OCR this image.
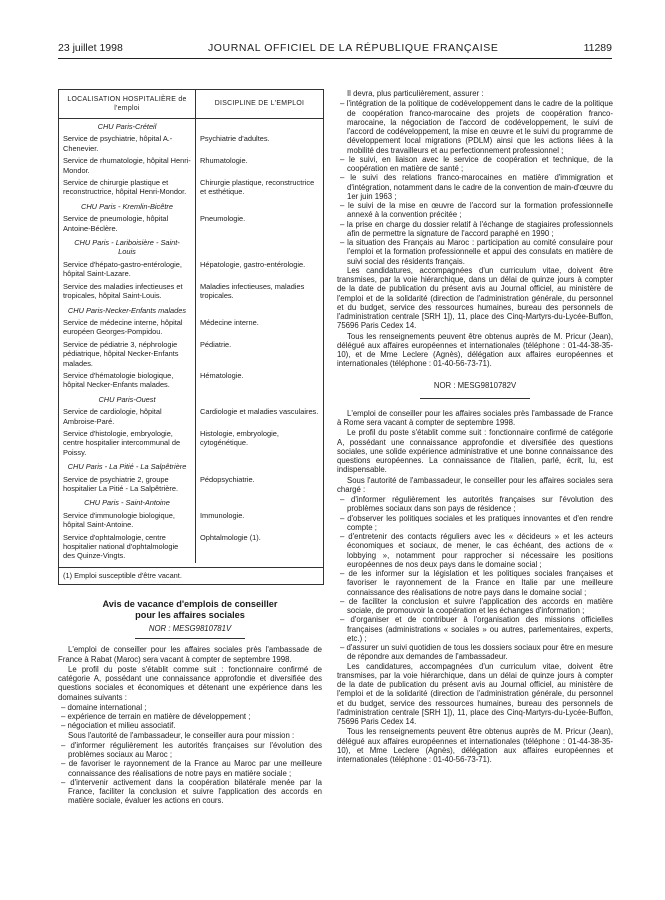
23 juillet 1998	JOURNAL OFFICIEL DE LA RÉPUBLIQUE FRANÇAISE	11289
LOCALISATION HOSPITALIÈRE de l'emploi
DISCIPLINE DE L'EMPLOI
CHU Paris-Créteil
Service de psychiatrie, hôpital A.-Chenevier.
Psychiatrie d'adultes.
Service de rhumatologie, hôpital Henri-Mondor.
Rhumatologie.
Service de chirurgie plastique et reconstructrice, hôpital Henri-Mondor.
Chirurgie plastique, reconstructrice et esthétique.
CHU Paris - Kremlin-Bicêtre
Service de pneumologie, hôpital Antoine-Béclère.
Pneumologie.
CHU Paris - Lariboisière - Saint-Louis
Service d'hépato-gastro-entérologie, hôpital Saint-Lazare.
Hépatologie, gastro-entérologie.
Service des maladies infectieuses et tropicales, hôpital Saint-Louis.
Maladies infectieuses, maladies tropicales.
CHU Paris-Necker-Enfants malades
Service de médecine interne, hôpital européen Georges-Pompidou.
Médecine interne.
Service de pédiatrie 3, néphrologie pédiatrique, hôpital Necker-Enfants malades.
Pédiatrie.
Service d'hématologie biologique, hôpital Necker-Enfants malades.
Hématologie.
CHU Paris-Ouest
Service de cardiologie, hôpital Ambroise-Paré.
Cardiologie et maladies vasculaires.
Service d'histologie, embryologie, centre hospitalier intercommunal de Poissy.
Histologie, embryologie, cytogénétique.
CHU Paris - La Pitié - La Salpêtrière
Service de psychiatrie 2, groupe hospitalier La Pitié - La Salpêtrière.
Pédopsychiatrie.
CHU Paris - Saint-Antoine
Service d'immunologie biologique, hôpital Saint-Antoine.
Immunologie.
Service d'ophtalmologie, centre hospitalier national d'ophtalmologie des Quinze-Vingts.
Ophtalmologie (1).
(1) Emploi susceptible d'être vacant.
Avis de vacance d'emplois de conseiller
pour les affaires sociales
NOR : MESG9810781V

L'emploi de conseiller pour les affaires sociales près l'ambassade de France à Rabat (Maroc) sera vacant à compter de septembre 1998.

Le profil du poste s'établit comme suit : fonctionnaire confirmé de catégorie A, possédant une connaissance approfondie et diversifiée des questions sociales et économiques et détenant une expérience dans les domaines suivants :

– domaine international ;
– expérience de terrain en matière de développement ;
– négociation et milieu associatif.

Sous l'autorité de l'ambassadeur, le conseiller aura pour mission :

– d'informer régulièrement les autorités françaises sur l'évolution des problèmes sociaux au Maroc ;
– de favoriser le rayonnement de la France au Maroc par une meilleure connaissance des réalisations de notre pays en matière sociale ;
– d'intervenir activement dans la coopération bilatérale menée par la France, faciliter la conclusion et suivre l'application des accords en matière sociale, évaluer les actions en cours.

Il devra, plus particulièrement, assurer :

– l'intégration de la politique de codéveloppement dans le cadre de la politique de coopération franco-marocaine des projets de coopération franco-marocaine, la négociation de l'accord de codéveloppement, le suivi de l'accord de codéveloppement, la mise en œuvre et le suivi du programme de développement local migrations (PDLM) ainsi que les actions liées à la mobilité des travailleurs et au perfectionnement professionnel ;
– le suivi, en liaison avec le service de coopération et technique, de la coopération en matière de santé ;
– le suivi des relations franco-marocaines en matière d'immigration et d'intégration, notamment dans le cadre de la convention de main-d'œuvre du 1er juin 1963 ;
– le suivi de la mise en œuvre de l'accord sur la formation professionnelle annexé à la convention précitée ;
– la prise en charge du dossier relatif à l'échange de stagiaires professionnels afin de permettre la signature de l'accord paraphé en 1990 ;
– la situation des Français au Maroc : participation au comité consulaire pour l'emploi et la formation professionnelle et appui des consulats en matière de suivi social des résidents français.

Les candidatures, accompagnées d'un curriculum vitae, doivent être transmises, par la voie hiérarchique, dans un délai de quinze jours à compter de la date de publication du présent avis au Journal officiel, au ministère de l'emploi et de la solidarité (direction de l'administration générale, du personnel et du budget, service des ressources humaines, bureau des personnels de l'administration centrale [SRH 1]), 11, place des Cinq-Martyrs-du-Lycée-Buffon, 75696 Paris Cedex 14.

Tous les renseignements peuvent être obtenus auprès de M. Pricur (Jean), délégué aux affaires européennes et internationales (téléphone : 01-44-38-35-10), et de Mme Leclere (Agnès), délégation aux affaires européennes et internationales (téléphone : 01-40-56-73-71).

NOR : MESG9810782V

L'emploi de conseiller pour les affaires sociales près l'ambassade de France à Rome sera vacant à compter de septembre 1998.

Le profil du poste s'établit comme suit : fonctionnaire confirmé de catégorie A, possédant une connaissance approfondie et diversifiée des questions sociales, une solide expérience administrative et une bonne connaissance des questions européennes. La connaissance de l'italien, parlé, écrit, lu, est indispensable.

Sous l'autorité de l'ambassadeur, le conseiller pour les affaires sociales sera chargé :

– d'informer régulièrement les autorités françaises sur l'évolution des problèmes sociaux dans son pays de résidence ;
– d'observer les politiques sociales et les pratiques innovantes et d'en rendre compte ;
– d'entretenir des contacts réguliers avec les « décideurs » et les acteurs économiques et sociaux, de mener, le cas échéant, des actions de « lobbying », notamment pour rapprocher si nécessaire les positions européennes de nos deux pays dans le domaine social ;
– de les informer sur la législation et les politiques sociales françaises et favoriser le rayonnement de la France en Italie par une meilleure connaissance des réalisations de notre pays dans le domaine social ;
– de faciliter la conclusion et suivre l'application des accords en matière sociale, de promouvoir la coopération et les échanges d'information ;
– d'organiser et de contribuer à l'organisation des missions officielles françaises (administrations « sociales » ou autres, parlementaires, experts, etc.) ;
– d'assurer un suivi quotidien de tous les dossiers sociaux pour être en mesure de répondre aux demandes de l'ambassadeur.

Les candidatures, accompagnées d'un curriculum vitae, doivent être transmises, par la voie hiérarchique, dans un délai de quinze jours à compter de la date de publication du présent avis au Journal officiel, au ministère de l'emploi et de la solidarité (direction de l'administration générale, du personnel et du budget, service des ressources humaines, bureau des personnels de l'administration centrale [SRH 1]), 11, place des Cinq-Martyrs-du-Lycée-Buffon, 75696 Paris Cedex 14.

Tous les renseignements peuvent être obtenus auprès de M. Pricur (Jean), délégué aux affaires européennes et internationales (téléphone : 01-44-38-35-10), et Mme Leclere (Agnès), délégation aux affaires européennes et internationales (téléphone : 01-40-56-73-71).
